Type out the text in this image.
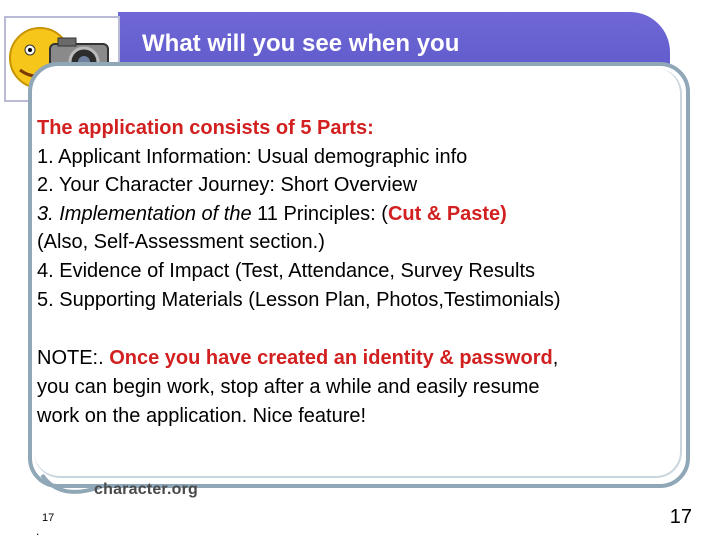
What will you see when you
The application consists of 5 Parts:
1. Applicant Information: Usual demographic info
2. Your Character Journey: Short Overview
3. Implementation of the 11 Principles: (Cut & Paste)
(Also, Self-Assessment section.)
4. Evidence of Impact (Test, Attendance, Survey Results
5. Supporting Materials (Lesson Plan, Photos,Testimonials)
NOTE:. Once you have created an identity & password,
you can begin work, stop after a while and easily resume
work on the application. Nice feature!
character.org
17
.
17
